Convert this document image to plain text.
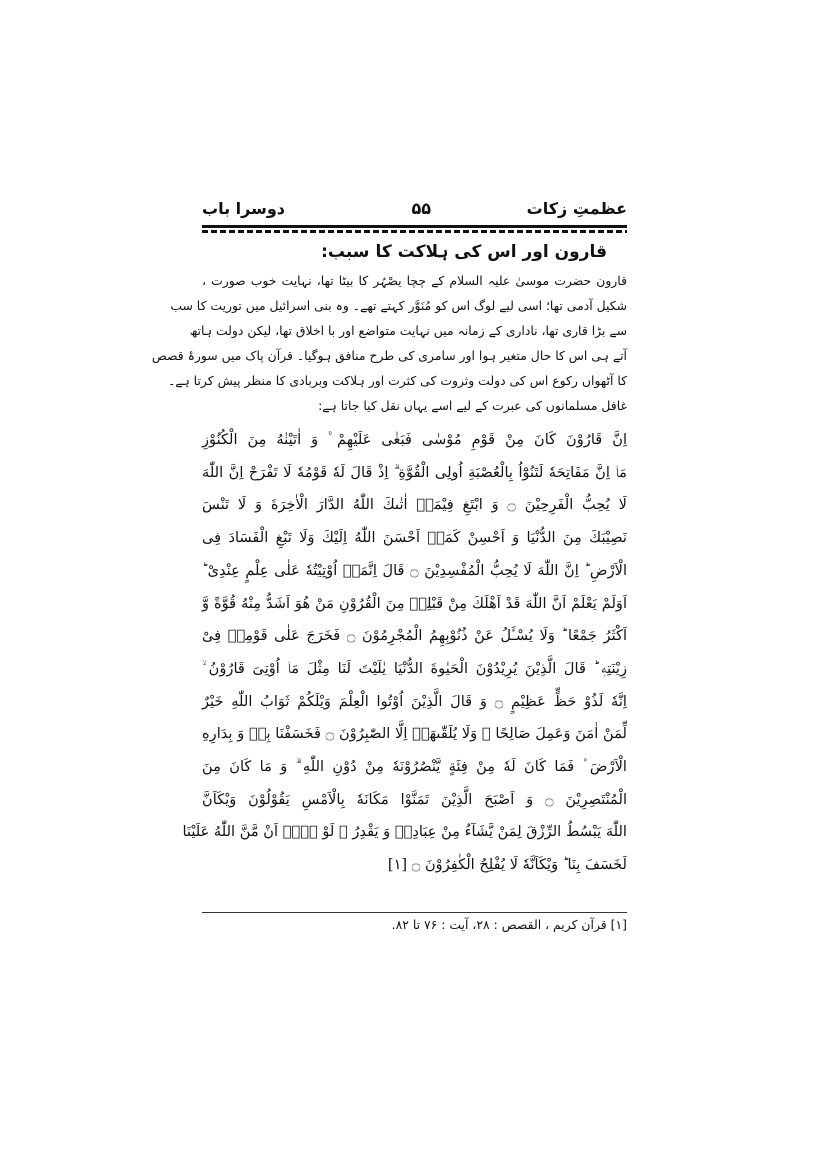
عظمتِ زکات
۵۵
دوسرا باب
قارون اور اس کی ہلاکت کا سبب:
قارون حضرت موسیٰ علیہ السلام کے چچا یصْہُر کا بیٹا تھا، نہایت خوب صورت ،
شکیل آدمی تھا؛ اسی لیے لوگ اس کو مُنَوَّر کہتے تھے۔ وہ بنی اسرائیل میں توریت کا سب
سے بڑا قاری تھا، ناداری کے زمانہ میں نہایت متواضع اور با اخلاق تھا، لیکن دولت ہاتھ
آتے ہی اس کا حال متغیر ہوا اور سامری کی طرح منافق ہوگیا۔ قرآن پاک میں سورۂ قصص
کا آٹھواں رکوع اس کی دولت وثروت کی کثرت اور ہلاکت وبربادی کا منظر پیش کرتا ہے۔
غافل مسلمانوں کی عبرت کے لیے اسے یہاں نقل کیا جاتا ہے:
اِنَّ قَارُوْنَ كَانَ مِنْ قَوْمِ مُوْسٰى فَبَغٰى عَلَيْهِمْ ۠ وَ اٰتَيْنٰهُ مِنَ الْكُنُوْزِ
مَاۤ اِنَّ مَفَاتِحَهٗ لَتَنُوْٓاُ بِالْعُصْبَةِ اُولِى الْقُوَّةِ ۗ اِذْ قَالَ لَهٗ قَوْمُهٗ لَا تَفْرَحْ اِنَّ اللّٰهَ
لَا يُحِبُّ الْفَرِحِيْنَ ۝ وَ ابْتَغِ فِيْمَاۤ اٰتٰىكَ اللّٰهُ الدَّارَ الْاٰخِرَةَ وَ لَا تَنْسَ
نَصِيْبَكَ مِنَ الدُّنْيَا وَ اَحْسِنْ كَمَاۤ اَحْسَنَ اللّٰهُ اِلَيْكَ وَلَا تَبْغِ الْفَسَادَ فِى
الْاَرْضِ ؕ اِنَّ اللّٰهَ لَا يُحِبُّ الْمُفْسِدِيْنَ ۝ قَالَ اِنَّمَاۤ اُوْتِيْتُهٗ عَلٰى عِلْمٍ عِنْدِىْ ؕ
اَوَلَمْ يَعْلَمْ اَنَّ اللّٰهَ قَدْ اَهْلَكَ مِنْ قَبْلِهٖ مِنَ الْقُرُوْنِ مَنْ هُوَ اَشَدُّ مِنْهُ قُوَّةً وَّ
اَكْثَرُ جَمْعًا ؕ وَلَا يُسْـَٔلُ عَنْ ذُنُوْبِهِمُ الْمُجْرِمُوْنَ ۝ فَخَرَجَ عَلٰى قَوْمِهٖ فِىْ
زِيْنَتِهٖ ؕ قَالَ الَّذِيْنَ يُرِيْدُوْنَ الْحَيٰوةَ الدُّنْيَا يٰلَيْتَ لَنَا مِثْلَ مَاۤ اُوْتِىَ قَارُوْنُ ۙ
اِنَّهٗ لَذُوْ حَظٍّ عَظِيْمٍ ۝ وَ قَالَ الَّذِيْنَ اُوْتُوا الْعِلْمَ وَيْلَكُمْ ثَوَابُ اللّٰهِ خَيْرٌ
لِّمَنْ اٰمَنَ وَعَمِلَ صَالِحًا ۚ وَلَا يُلَقّٰىهَاۤ اِلَّا الصّٰبِرُوْنَ ۝ فَخَسَفْنَا بِهٖ وَ بِدَارِهِ
الْاَرْضَ ۫ فَمَا كَانَ لَهٗ مِنْ فِئَةٍ يَّنْصُرُوْنَهٗ مِنْ دُوْنِ اللّٰهِ ۗ وَ مَا كَانَ مِنَ
الْمُنْتَصِرِيْنَ ۝ وَ اَصْبَحَ الَّذِيْنَ تَمَنَّوْا مَكَانَهٗ بِالْاَمْسِ يَقُوْلُوْنَ وَيْكَاَنَّ
اللّٰهَ يَبْسُطُ الرِّزْقَ لِمَنْ يَّشَآءُ مِنْ عِبَادِهٖ وَ يَقْدِرُ ۚ لَوْ لَاۤ اَنْ مَّنَّ اللّٰهُ عَلَيْنَا
لَخَسَفَ بِنَا ؕ وَيْكَاَنَّهٗ لَا يُفْلِحُ الْكٰفِرُوْنَ ۝ [۱]
[۱] قرآن کریم ، القصص : ۲۸، آیت : ۷۶ تا ۸۲.
